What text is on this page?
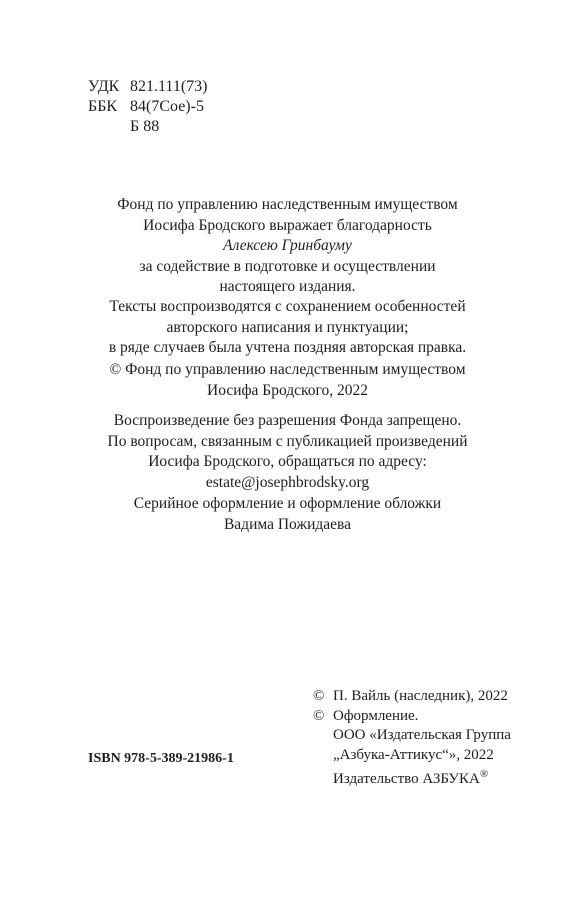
УДК 821.111(73)
ББК 84(7Сое)-5
Б 88
Фонд по управлению наследственным имуществом
Иосифа Бродского выражает благодарность
Алексею Гринбауму
за содействие в подготовке и осуществлении
настоящего издания.
Тексты воспроизводятся с сохранением особенностей
авторского написания и пунктуации;
в ряде случаев была учтена поздняя авторская правка.
© Фонд по управлению наследственным имуществом
Иосифа Бродского, 2022
Воспроизведение без разрешения Фонда запрещено.
По вопросам, связанным с публикацией произведений
Иосифа Бродского, обращаться по адресу:
estate@josephbrodsky.org
Серийное оформление и оформление обложки
Вадима Пожидаева
© П. Вайль (наследник), 2022
© Оформление.
ООО «Издательская Группа
„Азбука-Аттикус“», 2022
Издательство АЗБУКА®
ISBN 978-5-389-21986-1
